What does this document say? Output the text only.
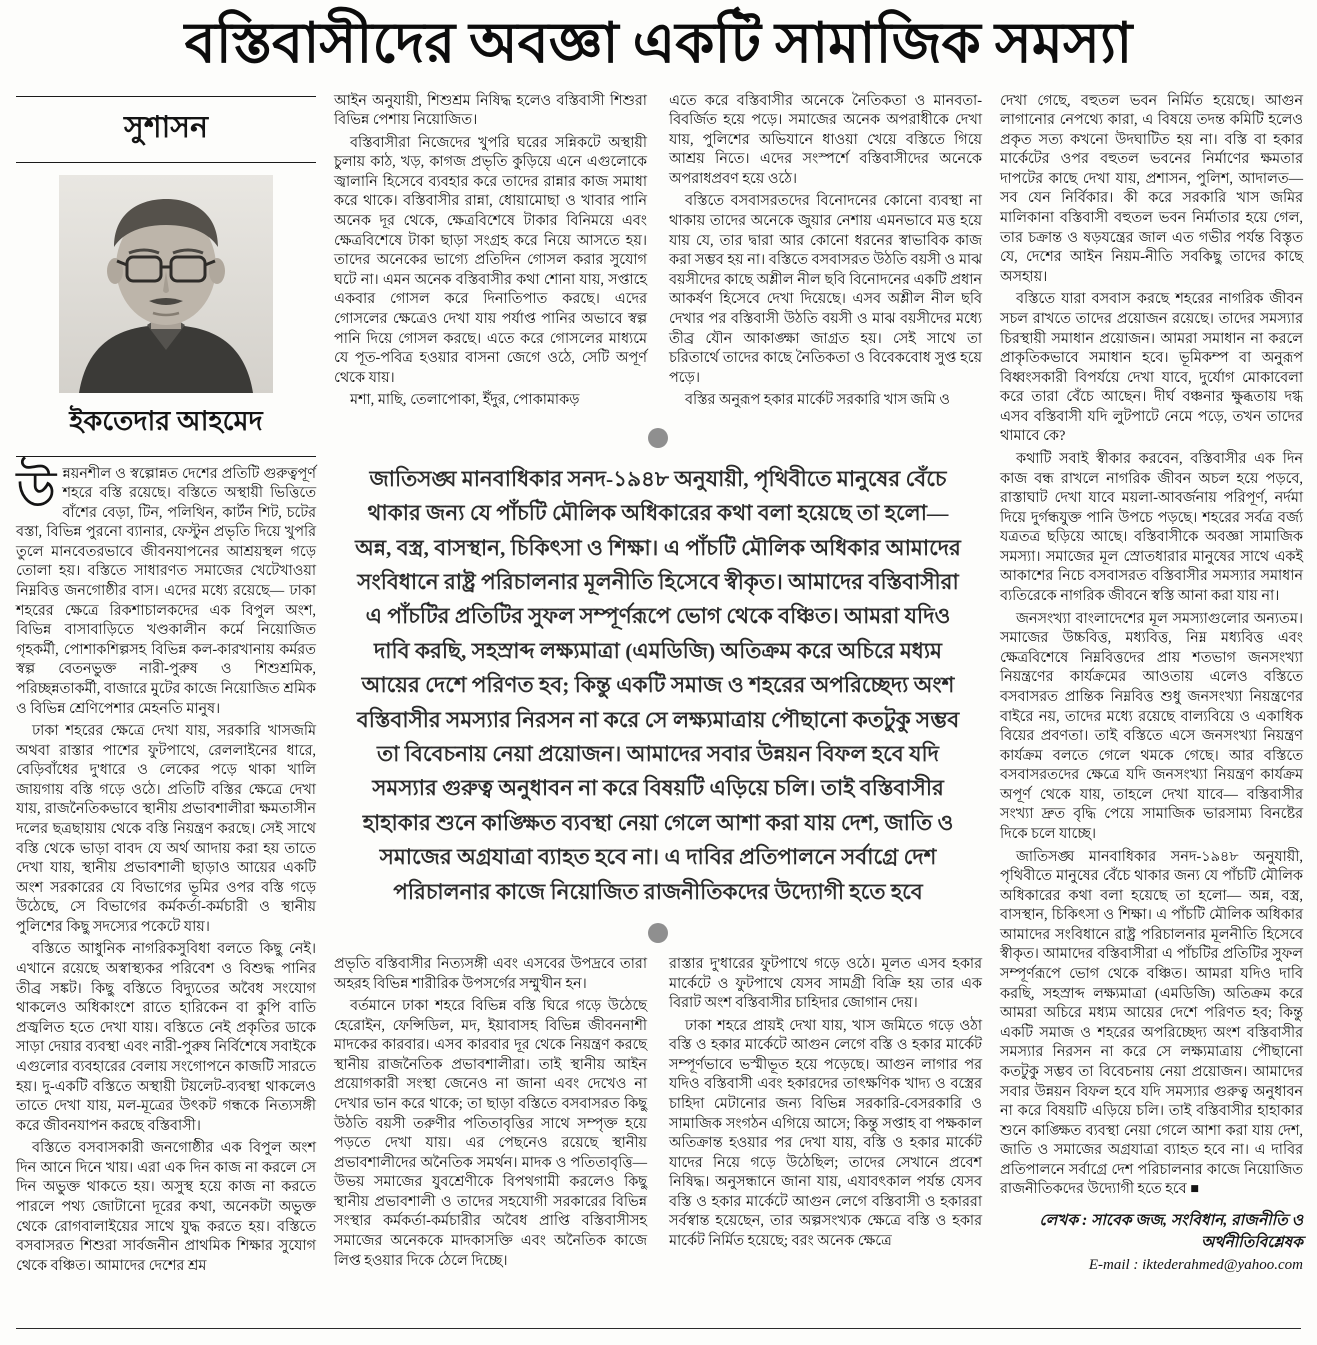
বস্তিবাসীদের অবজ্ঞা একটি সামাজিক সমস্যা
সুশাসন
ইকতেদার আহমেদ

উন্নয়নশীল ও স্বল্পোন্নত দেশের প্রতিটি গুরুত্বপূর্ণ শহরে বস্তি রয়েছে। বস্তিতে অস্থায়ী ভিত্তিতে বাঁশের বেড়া, টিন, পলিথিন, কার্টন শিট, চটের বস্তা, বিভিন্ন পুরনো ব্যানার, ফেস্টুন প্রভৃতি দিয়ে খুপরি তুলে মানবেতরভাবে জীবনযাপনের আশ্রয়স্থল গড়ে তোলা হয়। বস্তিতে সাধারণত সমাজের খেটেখাওয়া নিম্নবিত্ত জনগোষ্ঠীর বাস। এদের মধ্যে রয়েছে— ঢাকা শহরের ক্ষেত্রে রিকশাচালকদের এক বিপুল অংশ, বিভিন্ন বাসাবাড়িতে খণ্ডকালীন কর্মে নিয়োজিত গৃহকর্মী, পোশাকশিল্পসহ বিভিন্ন কল-কারখানায় কর্মরত স্বল্প বেতনভুক্ত নারী-পুরুষ ও শিশুশ্রমিক, পরিচ্ছন্নতাকর্মী, বাজারে মুটের কাজে নিয়োজিত শ্রমিক ও বিভিন্ন শ্রেণিপেশার মেহনতি মানুষ।

ঢাকা শহরের ক্ষেত্রে দেখা যায়, সরকারি খাসজমি অথবা রাস্তার পাশের ফুটপাথে, রেললাইনের ধারে, বেড়িবাঁধের দু'ধারে ও লেকের পড়ে থাকা খালি জায়গায় বস্তি গড়ে ওঠে। প্রতিটি বস্তির ক্ষেত্রে দেখা যায়, রাজনৈতিকভাবে স্থানীয় প্রভাবশালীরা ক্ষমতাসীন দলের ছত্রছায়ায় থেকে বস্তি নিয়ন্ত্রণ করছে। সেই সাথে বস্তি থেকে ভাড়া বাবদ যে অর্থ আদায় করা হয় তাতে দেখা যায়, স্থানীয় প্রভাবশালী ছাড়াও আয়ের একটি অংশ সরকারের যে বিভাগের ভূমির ওপর বস্তি গড়ে উঠেছে, সে বিভাগের কর্মকর্তা-কর্মচারী ও স্থানীয় পুলিশের কিছু সদস্যের পকেটে যায়।

বস্তিতে আধুনিক নাগরিকসুবিধা বলতে কিছু নেই। এখানে রয়েছে অস্বাস্থ্যকর পরিবেশ ও বিশুদ্ধ পানির তীব্র সঙ্কট। কিছু বস্তিতে বিদ্যুতের অবৈধ সংযোগ থাকলেও অধিকাংশে রাতে হারিকেন বা কুপি বাতি প্রজ্বলিত হতে দেখা যায়। বস্তিতে নেই প্রকৃতির ডাকে সাড়া দেয়ার ব্যবস্থা এবং নারী-পুরুষ নির্বিশেষে সবাইকে এগুলোর ব্যবহারের বেলায় সংগোপনে কাজটি সারতে হয়। দু-একটি বস্তিতে অস্থায়ী টয়লেট-ব্যবস্থা থাকলেও তাতে দেখা যায়, মল-মূত্রের উৎকট গন্ধকে নিত্যসঙ্গী করে জীবনযাপন করছে বস্তিবাসী।

বস্তিতে বসবাসকারী জনগোষ্ঠীর এক বিপুল অংশ দিন আনে দিনে খায়। এরা এক দিন কাজ না করলে সে দিন অভুক্ত থাকতে হয়। অসুস্থ হয়ে কাজ না করতে পারলে পথ্য জোটানো দূরের কথা, অনেকটা অভুক্ত থেকে রোগবালাইয়ের সাথে যুদ্ধ করতে হয়। বস্তিতে বসবাসরত শিশুরা সার্বজনীন প্রাথমিক শিক্ষার সুযোগ থেকে বঞ্চিত। আমাদের দেশের শ্রম

আইন অনুযায়ী, শিশুশ্রম নিষিদ্ধ হলেও বস্তিবাসী শিশুরা বিভিন্ন পেশায় নিয়োজিত।

বস্তিবাসীরা নিজেদের খুপরি ঘরের সন্নিকটে অস্থায়ী চুলায় কাঠ, খড়, কাগজ প্রভৃতি কুড়িয়ে এনে এগুলোকে জ্বালানি হিসেবে ব্যবহার করে তাদের রান্নার কাজ সমাধা করে থাকে। বস্তিবাসীর রান্না, ধোয়ামোছা ও খাবার পানি অনেক দূর থেকে, ক্ষেত্রবিশেষে টাকার বিনিময়ে এবং ক্ষেত্রবিশেষে টাকা ছাড়া সংগ্রহ করে নিয়ে আসতে হয়। তাদের অনেকের ভাগ্যে প্রতিদিন গোসল করার সুযোগ ঘটে না। এমন অনেক বস্তিবাসীর কথা শোনা যায়, সপ্তাহে একবার গোসল করে দিনাতিপাত করছে। এদের গোসলের ক্ষেত্রেও দেখা যায় পর্যাপ্ত পানির অভাবে স্বল্প পানি দিয়ে গোসল করছে। এতে করে গোসলের মাধ্যমে যে পূত-পবিত্র হওয়ার বাসনা জেগে ওঠে, সেটি অপূর্ণ থেকে যায়।

মশা, মাছি, তেলাপোকা, ইঁদুর, পোকামাকড়

এতে করে বস্তিবাসীর অনেকে নৈতিকতা ও মানবতা-বিবর্জিত হয়ে পড়ে। সমাজের অনেক অপরাধীকে দেখা যায়, পুলিশের অভিযানে ধাওয়া খেয়ে বস্তিতে গিয়ে আশ্রয় নিতে। এদের সংস্পর্শে বস্তিবাসীদের অনেকে অপরাধপ্রবণ হয়ে ওঠে।

বস্তিতে বসবাসরতদের বিনোদনের কোনো ব্যবস্থা না থাকায় তাদের অনেকে জুয়ার নেশায় এমনভাবে মত্ত হয়ে যায় যে, তার দ্বারা আর কোনো ধরনের স্বাভাবিক কাজ করা সম্ভব হয় না। বস্তিতে বসবাসরত উঠতি বয়সী ও মাঝ বয়সীদের কাছে অশ্লীল নীল ছবি বিনোদনের একটি প্রধান আকর্ষণ হিসেবে দেখা দিয়েছে। এসব অশ্লীল নীল ছবি দেখার পর বস্তিবাসী উঠতি বয়সী ও মাঝ বয়সীদের মধ্যে তীব্র যৌন আকাঙ্ক্ষা জাগ্রত হয়। সেই সাথে তা চরিতার্থে তাদের কাছে নৈতিকতা ও বিবেকবোধ সুপ্ত হয়ে পড়ে।

বস্তির অনুরূপ হকার মার্কেট সরকারি খাস জমি ও

জাতিসঙ্ঘ মানবাধিকার সনদ-১৯৪৮ অনুযায়ী, পৃথিবীতে মানুষের বেঁচে থাকার জন্য যে পাঁচটি মৌলিক অধিকারের কথা বলা হয়েছে তা হলো— অন্ন, বস্ত্র, বাসস্থান, চিকিৎসা ও শিক্ষা। এ পাঁচটি মৌলিক অধিকার আমাদের সংবিধানে রাষ্ট্র পরিচালনার মূলনীতি হিসেবে স্বীকৃত। আমাদের বস্তিবাসীরা এ পাঁচটির প্রতিটির সুফল সম্পূর্ণরূপে ভোগ থেকে বঞ্চিত। আমরা যদিও দাবি করছি, সহস্রাব্দ লক্ষ্যমাত্রা (এমডিজি) অতিক্রম করে অচিরে মধ্যম আয়ের দেশে পরিণত হব; কিন্তু একটি সমাজ ও শহরের অপরিচ্ছেদ্য অংশ বস্তিবাসীর সমস্যার নিরসন না করে সে লক্ষ্যমাত্রায় পৌছানো কতটুকু সম্ভব তা বিবেচনায় নেয়া প্রয়োজন। আমাদের সবার উন্নয়ন বিফল হবে যদি সমস্যার গুরুত্ব অনুধাবন না করে বিষয়টি এড়িয়ে চলি। তাই বস্তিবাসীর হাহাকার শুনে কাঙ্ক্ষিত ব্যবস্থা নেয়া গেলে আশা করা যায় দেশ, জাতি ও সমাজের অগ্রযাত্রা ব্যাহত হবে না। এ দাবির প্রতিপালনে সর্বাগ্রে দেশ পরিচালনার কাজে নিয়োজিত রাজনীতিকদের উদ্যোগী হতে হবে

প্রভৃতি বস্তিবাসীর নিত্যসঙ্গী এবং এসবের উপদ্রবে তারা অহরহ বিভিন্ন শারীরিক উপসর্গের সম্মুখীন হন।

বর্তমানে ঢাকা শহরে বিভিন্ন বস্তি ঘিরে গড়ে উঠেছে হেরোইন, ফেন্সিডিল, মদ, ইয়াবাসহ বিভিন্ন জীবননাশী মাদকের কারবার। এসব কারবার দূর থেকে নিয়ন্ত্রণ করছে স্থানীয় রাজনৈতিক প্রভাবশালীরা। তাই স্থানীয় আইন প্রয়োগকারী সংস্থা জেনেও না জানা এবং দেখেও না দেখার ভান করে থাকে; তা ছাড়া বস্তিতে বসবাসরত কিছু উঠতি বয়সী তরুণীর পতিতাবৃত্তির সাথে সম্পৃক্ত হয়ে পড়তে দেখা যায়। এর পেছনেও রয়েছে স্থানীয় প্রভাবশালীদের অনৈতিক সমর্থন। মাদক ও পতিতাবৃত্তি— উভয় সমাজের যুবশ্রেণীকে বিপথগামী করলেও কিছু স্থানীয় প্রভাবশালী ও তাদের সহযোগী সরকারের বিভিন্ন সংস্থার কর্মকর্তা-কর্মচারীর অবৈধ প্রাপ্তি বস্তিবাসীসহ সমাজের অনেককে মাদকাসক্তি এবং অনৈতিক কাজে লিপ্ত হওয়ার দিকে ঠেলে দিচ্ছে।

রাস্তার দু'ধারের ফুটপাথে গড়ে ওঠে। মূলত এসব হকার মার্কেটে ও ফুটপাথে যেসব সামগ্রী বিক্রি হয় তার এক বিরাট অংশ বস্তিবাসীর চাহিদার জোগান দেয়।

ঢাকা শহরে প্রায়ই দেখা যায়, খাস জমিতে গড়ে ওঠা বস্তি ও হকার মার্কেটে আগুন লেগে বস্তি ও হকার মার্কেট সম্পূর্ণভাবে ভস্মীভূত হয়ে পড়েছে। আগুন লাগার পর যদিও বস্তিবাসী এবং হকারদের তাৎক্ষণিক খাদ্য ও বস্ত্রের চাহিদা মেটানোর জন্য বিভিন্ন সরকারি-বেসরকারি ও সামাজিক সংগঠন এগিয়ে আসে; কিন্তু সপ্তাহ বা পক্ষকাল অতিক্রান্ত হওয়ার পর দেখা যায়, বস্তি ও হকার মার্কেট যাদের নিয়ে গড়ে উঠেছিল; তাদের সেখানে প্রবেশ নিষিদ্ধ। অনুসন্ধানে জানা যায়, এযাবৎকাল পর্যন্ত যেসব বস্তি ও হকার মার্কেটে আগুন লেগে বস্তিবাসী ও হকাররা সর্বস্বান্ত হয়েছেন, তার অল্পসংখ্যক ক্ষেত্রে বস্তি ও হকার মার্কেট নির্মিত হয়েছে; বরং অনেক ক্ষেত্রে

দেখা গেছে, বহুতল ভবন নির্মিত হয়েছে। আগুন লাগানোর নেপথ্যে কারা, এ বিষয়ে তদন্ত কমিটি হলেও প্রকৃত সত্য কখনো উদঘাটিত হয় না। বস্তি বা হকার মার্কেটের ওপর বহুতল ভবনের নির্মাণের ক্ষমতার দাপটের কাছে দেখা যায়, প্রশাসন, পুলিশ, আদালত— সব যেন নির্বিকার। কী করে সরকারি খাস জমির মালিকানা বস্তিবাসী বহুতল ভবন নির্মাতার হয়ে গেল, তার চক্রান্ত ও ষড়যন্ত্রের জাল এত গভীর পর্যন্ত বিস্তৃত যে, দেশের আইন নিয়ম-নীতি সবকিছু তাদের কাছে অসহায়।

বস্তিতে যারা বসবাস করছে শহরের নাগরিক জীবন সচল রাখতে তাদের প্রয়োজন রয়েছে। তাদের সমস্যার চিরস্থায়ী সমাধান প্রয়োজন। আমরা সমাধান না করলে প্রাকৃতিকভাবে সমাধান হবে। ভূমিকম্প বা অনুরূপ বিধ্বংসকারী বিপর্যয়ে দেখা যাবে, দুর্যোগ মোকাবেলা করে তারা বেঁচে আছেন। দীর্ঘ বঞ্চনার ক্ষুব্ধতায় দগ্ধ এসব বস্তিবাসী যদি লুটপাটে নেমে পড়ে, তখন তাদের থামাবে কে?

কথাটি সবাই স্বীকার করবেন, বস্তিবাসীর এক দিন কাজ বন্ধ রাখলে নাগরিক জীবন অচল হয়ে পড়বে, রাস্তাঘাট দেখা যাবে ময়লা-আবর্জনায় পরিপূর্ণ, নর্দমা দিয়ে দুর্গন্ধযুক্ত পানি উপচে পড়ছে। শহরের সর্বত্র বর্জ্য যত্রতত্র ছড়িয়ে আছে। বস্তিবাসীকে অবজ্ঞা সামাজিক সমস্যা। সমাজের মূল স্রোতধারার মানুষের সাথে একই আকাশের নিচে বসবাসরত বস্তিবাসীর সমস্যার সমাধান ব্যতিরেকে নাগরিক জীবনে স্বস্তি আনা করা যায় না।

জনসংখ্যা বাংলাদেশের মূল সমস্যাগুলোর অন্যতম। সমাজের উচ্চবিত্ত, মধ্যবিত্ত, নিম্ন মধ্যবিত্ত এবং ক্ষেত্রবিশেষে নিম্নবিত্তদের প্রায় শতভাগ জনসংখ্যা নিয়ন্ত্রণের কার্যক্রমের আওতায় এলেও বস্তিতে বসবাসরত প্রান্তিক নিম্নবিত্ত শুধু জনসংখ্যা নিয়ন্ত্রণের বাইরে নয়, তাদের মধ্যে রয়েছে বাল্যবিয়ে ও একাধিক বিয়ের প্রবণতা। তাই বস্তিতে এসে জনসংখ্যা নিয়ন্ত্রণ কার্যক্রম বলতে গেলে থমকে গেছে। আর বস্তিতে বসবাসরতদের ক্ষেত্রে যদি জনসংখ্যা নিয়ন্ত্রণ কার্যক্রম অপূর্ণ থেকে যায়, তাহলে দেখা যাবে— বস্তিবাসীর সংখ্যা দ্রুত বৃদ্ধি পেয়ে সামাজিক ভারসাম্য বিনষ্টের দিকে চলে যাচ্ছে।

জাতিসঙ্ঘ মানবাধিকার সনদ-১৯৪৮ অনুযায়ী, পৃথিবীতে মানুষের বেঁচে থাকার জন্য যে পাঁচটি মৌলিক অধিকারের কথা বলা হয়েছে তা হলো— অন্ন, বস্ত্র, বাসস্থান, চিকিৎসা ও শিক্ষা। এ পাঁচটি মৌলিক অধিকার আমাদের সংবিধানে রাষ্ট্র পরিচালনার মূলনীতি হিসেবে স্বীকৃত। আমাদের বস্তিবাসীরা এ পাঁচটির প্রতিটির সুফল সম্পূর্ণরূপে ভোগ থেকে বঞ্চিত। আমরা যদিও দাবি করছি, সহস্রাব্দ লক্ষ্যমাত্রা (এমডিজি) অতিক্রম করে আমরা অচিরে মধ্যম আয়ের দেশে পরিণত হব; কিন্তু একটি সমাজ ও শহরের অপরিচ্ছেদ্য অংশ বস্তিবাসীর সমস্যার নিরসন না করে সে লক্ষ্যমাত্রায় পৌছানো কতটুকু সম্ভব তা বিবেচনায় নেয়া প্রয়োজন। আমাদের সবার উন্নয়ন বিফল হবে যদি সমস্যার গুরুত্ব অনুধাবন না করে বিষয়টি এড়িয়ে চলি। তাই বস্তিবাসীর হাহাকার শুনে কাঙ্ক্ষিত ব্যবস্থা নেয়া গেলে আশা করা যায় দেশ, জাতি ও সমাজের অগ্রযাত্রা ব্যাহত হবে না। এ দাবির প্রতিপালনে সর্বাগ্রে দেশ পরিচালনার কাজে নিয়োজিত রাজনীতিকদের উদ্যোগী হতে হবে ■

লেখক : সাবেক জজ, সংবিধান, রাজনীতি ও অর্থনীতিবিশ্লেষক
E-mail : iktederahmed@yahoo.com
